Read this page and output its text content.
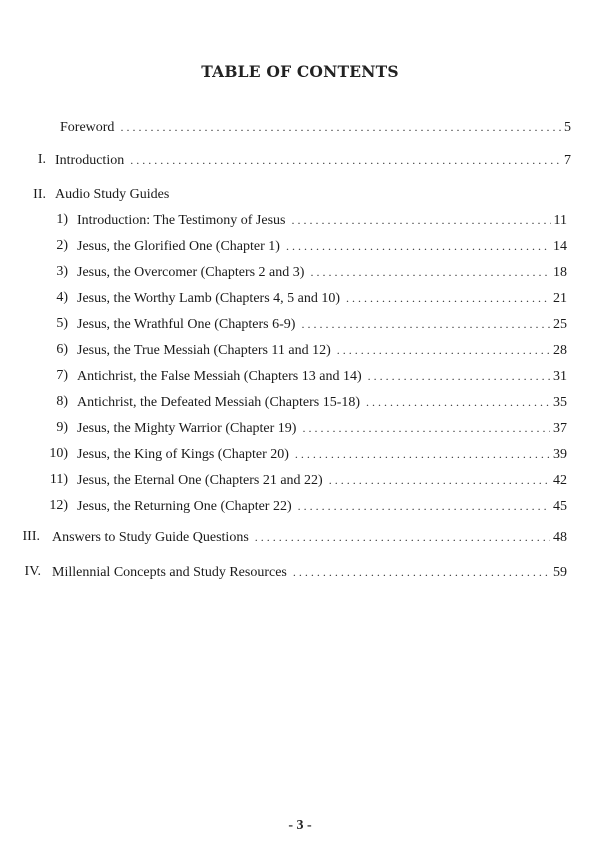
TABLE OF CONTENTS
Foreword . . .	5
I. Introduction . . .	7
II. Audio Study Guides
1) Introduction: The Testimony of Jesus . . .	11
2) Jesus, the Glorified One (Chapter 1) . . .	14
3) Jesus, the Overcomer (Chapters 2 and 3) . . .	18
4) Jesus, the Worthy Lamb (Chapters 4, 5 and 10) . . .	21
5) Jesus, the Wrathful One (Chapters 6-9) . . .	25
6) Jesus, the True Messiah (Chapters 11 and 12) . . .	28
7) Antichrist, the False Messiah (Chapters 13 and 14) . . .	31
8) Antichrist, the Defeated Messiah (Chapters 15-18) . . .	35
9) Jesus, the Mighty Warrior (Chapter 19) . . .	37
10) Jesus, the King of Kings (Chapter 20) . . .	39
11) Jesus, the Eternal One (Chapters 21 and 22) . . .	42
12) Jesus, the Returning One (Chapter 22) . . .	45
III. Answers to Study Guide Questions . . .	48
IV. Millennial Concepts and Study Resources . . .	59
- 3 -
